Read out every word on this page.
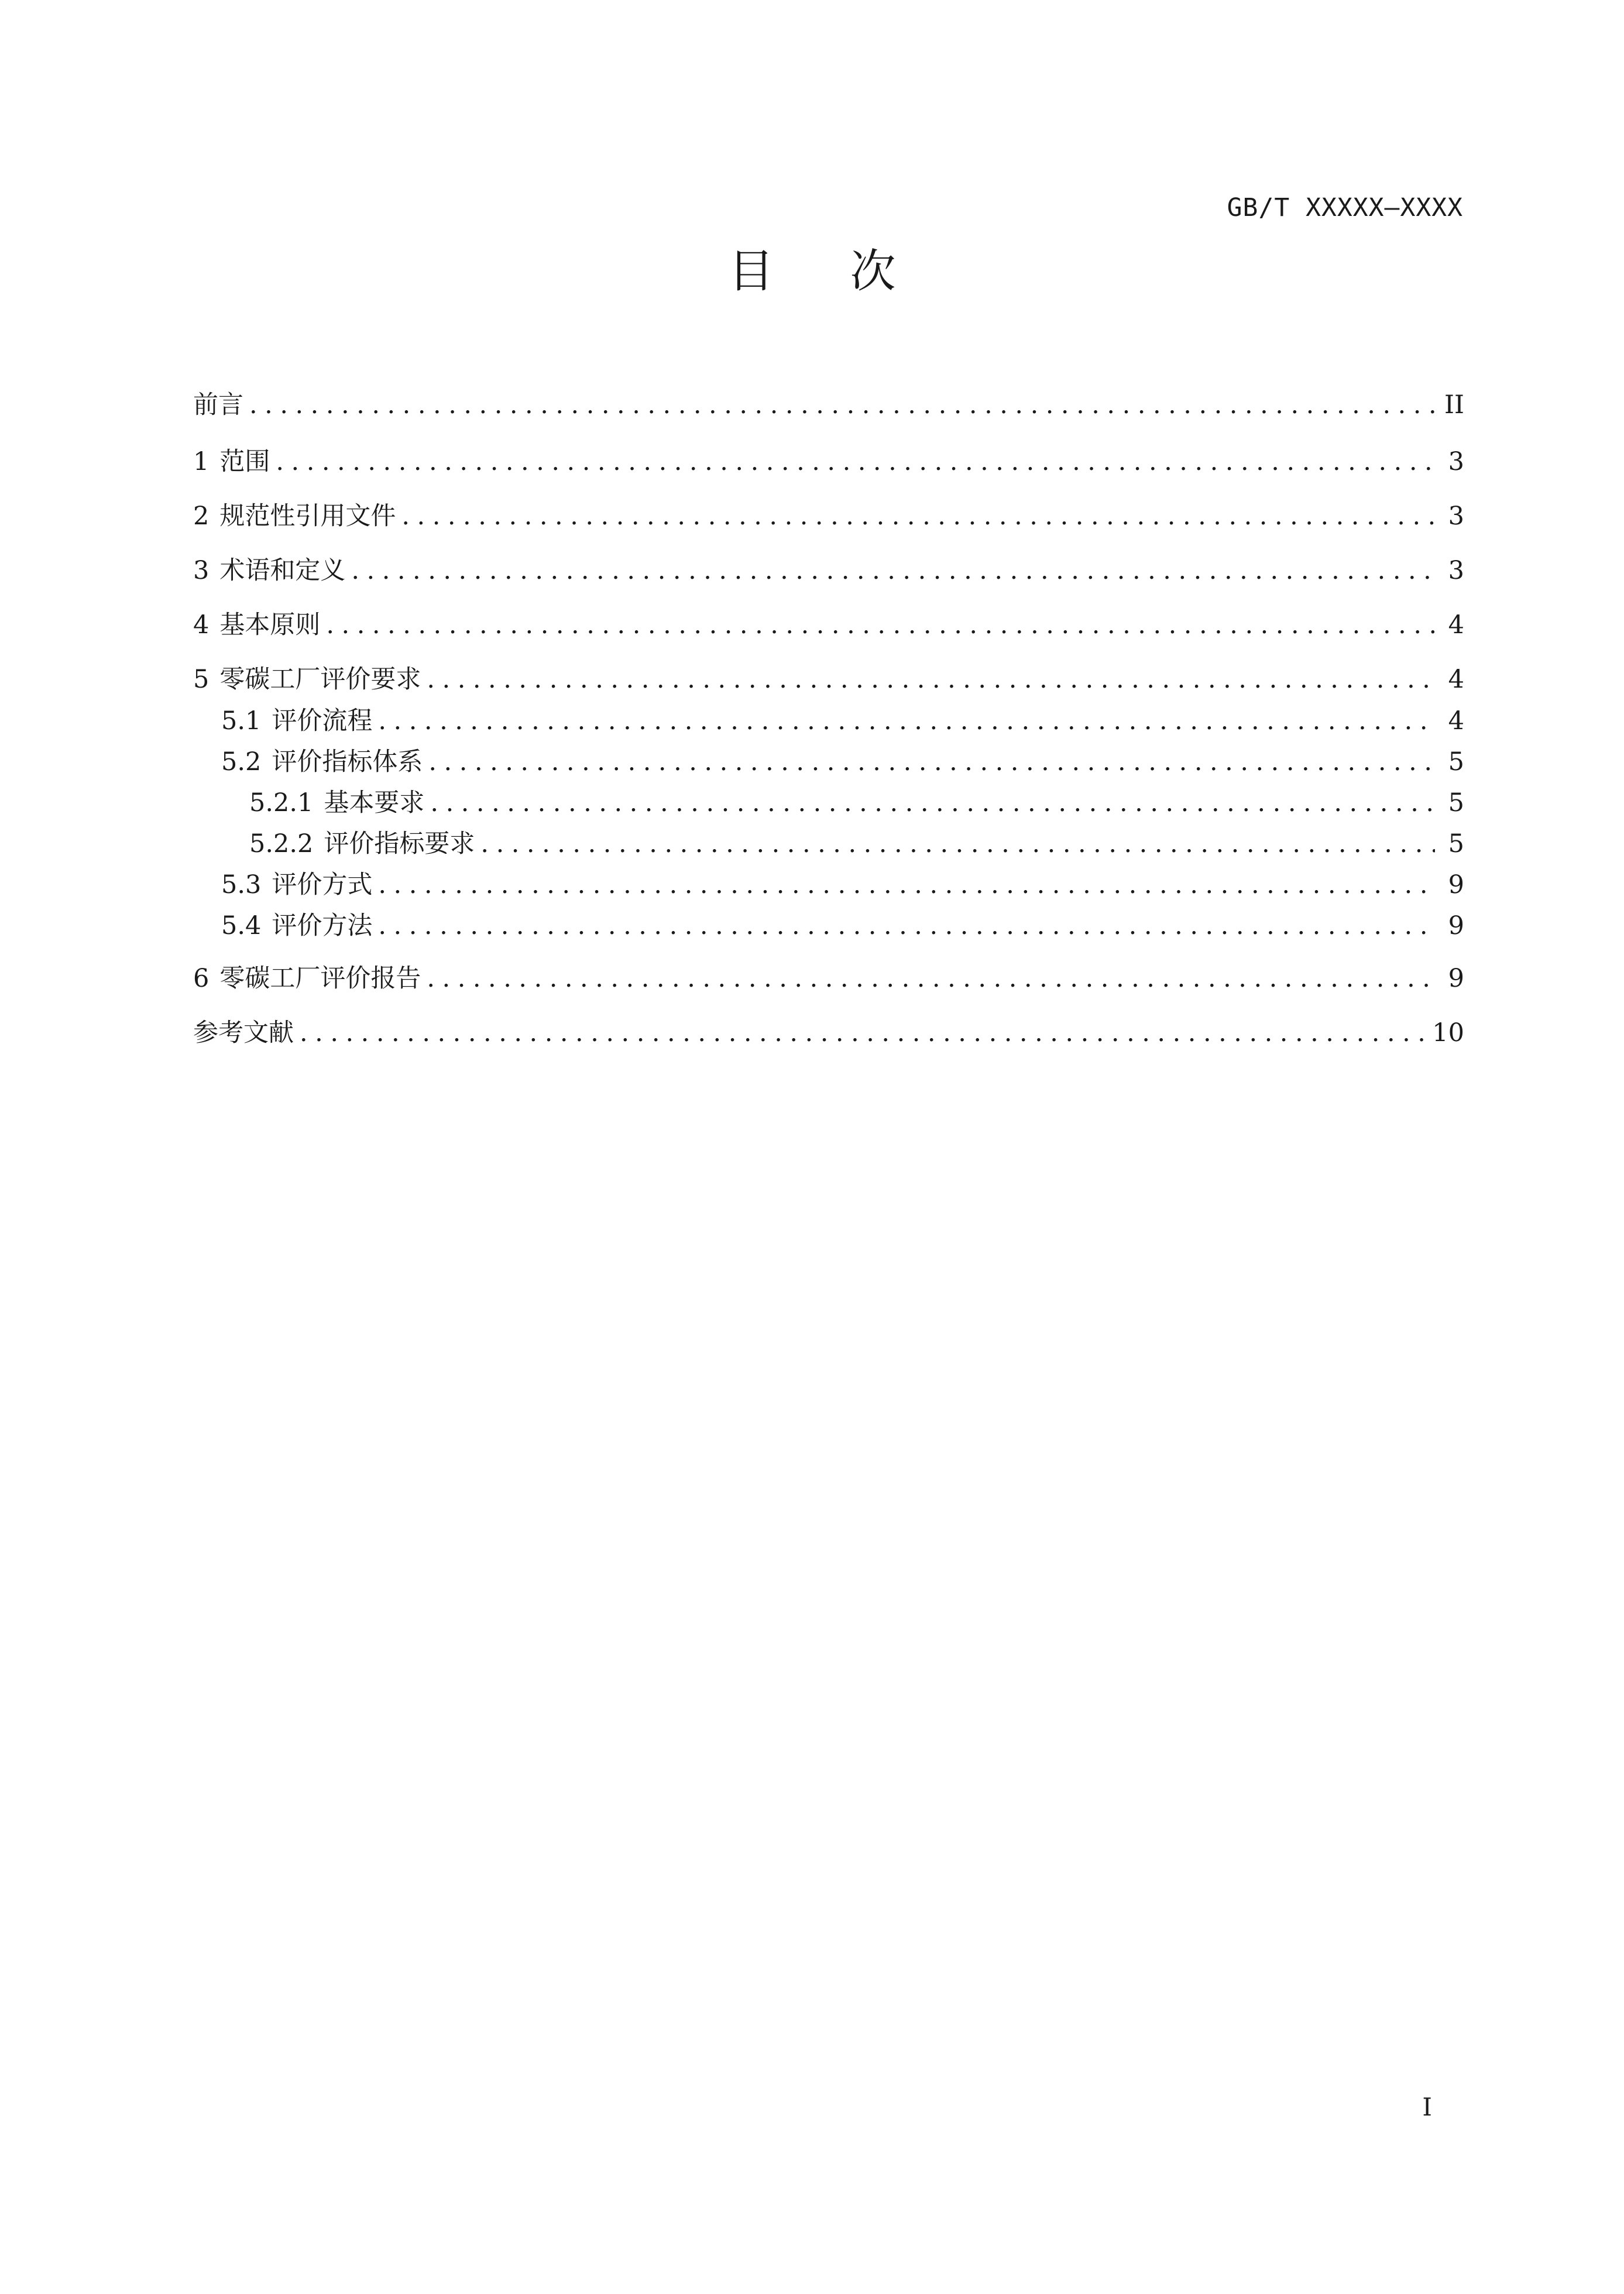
GB/T XXXXX—XXXX
目次
前言 .....	II
1 范围 .....	3
2 规范性引用文件 .....	3
3 术语和定义 .....	3
4 基本原则 .....	4
5 零碳工厂评价要求 .....	4
5.1 评价流程 .....	4
5.2 评价指标体系 .....	5
5.2.1 基本要求 .....	5
5.2.2 评价指标要求 .....	5
5.3 评价方式 .....	9
5.4 评价方法 .....	9
6 零碳工厂评价报告 .....	9
参考文献 .....	10
I
